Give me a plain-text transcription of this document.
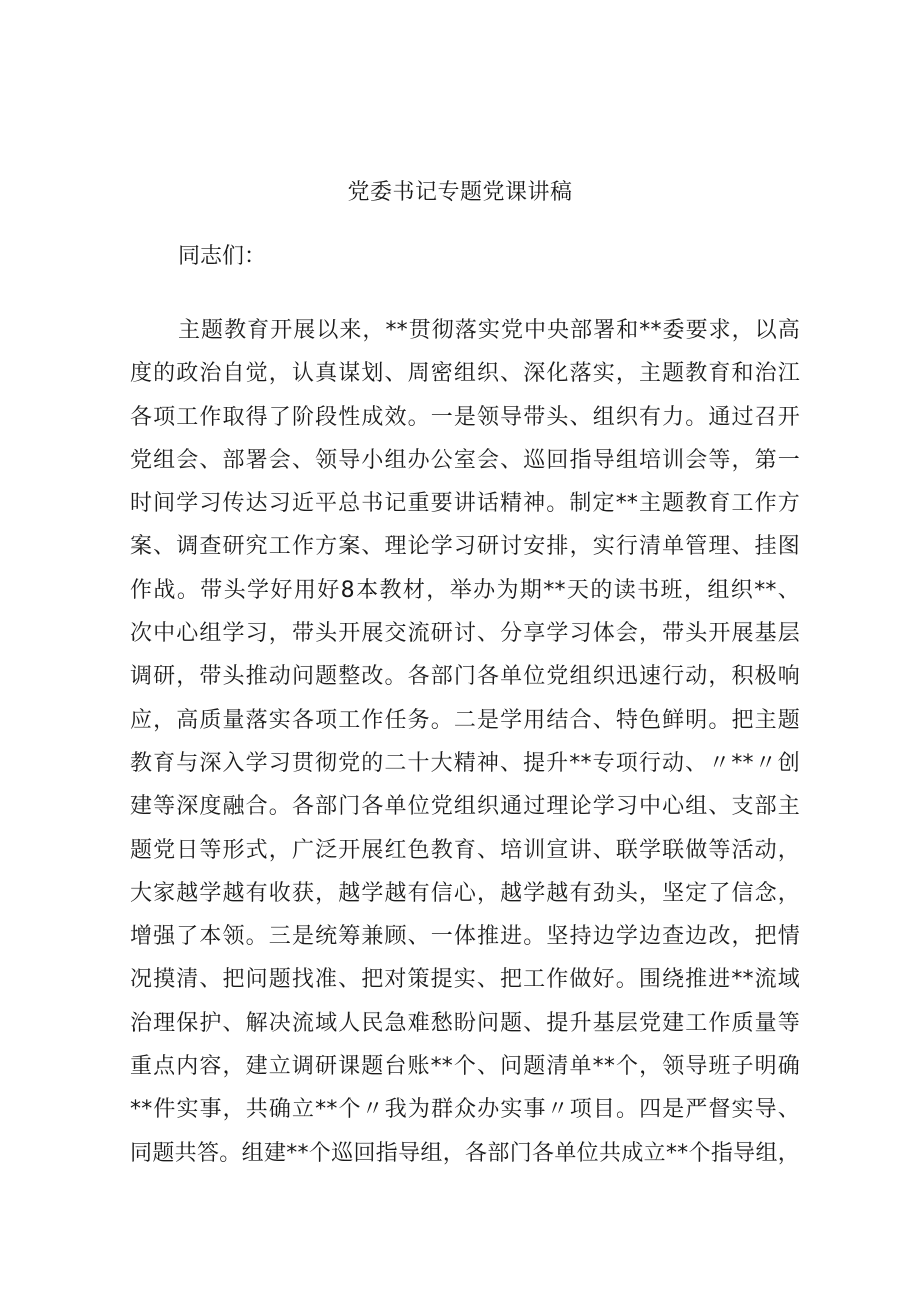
党委书记专题党课讲稿
同志们：
主题教育开展以来，**贯彻落实党中央部署和**委要求，以高
度的政治自觉，认真谋划、周密组织、深化落实，主题教育和治江
各项工作取得了阶段性成效。一是领导带头、组织有力。通过召开
党组会、部署会、领导小组办公室会、巡回指导组培训会等，第一
时间学习传达习近平总书记重要讲话精神。制定**主题教育工作方
案、调查研究工作方案、理论学习研讨安排，实行清单管理、挂图
作战。带头学好用好8本教材，举办为期**天的读书班，组织**、
次中心组学习，带头开展交流研讨、分享学习体会，带头开展基层
调研，带头推动问题整改。各部门各单位党组织迅速行动，积极响
应，高质量落实各项工作任务。二是学用结合、特色鲜明。把主题
教育与深入学习贯彻党的二十大精神、提升**专项行动、〃**〃创
建等深度融合。各部门各单位党组织通过理论学习中心组、支部主
题党日等形式，广泛开展红色教育、培训宣讲、联学联做等活动，
大家越学越有收获，越学越有信心，越学越有劲头，坚定了信念，
增强了本领。三是统筹兼顾、一体推进。坚持边学边查边改，把情
况摸清、把问题找准、把对策提实、把工作做好。围绕推进**流域
治理保护、解决流域人民急难愁盼问题、提升基层党建工作质量等
重点内容，建立调研课题台账**个、问题清单**个，领导班子明确
**件实事，共确立**个〃我为群众办实事〃项目。四是严督实导、
同题共答。组建**个巡回指导组，各部门各单位共成立**个指导组，
